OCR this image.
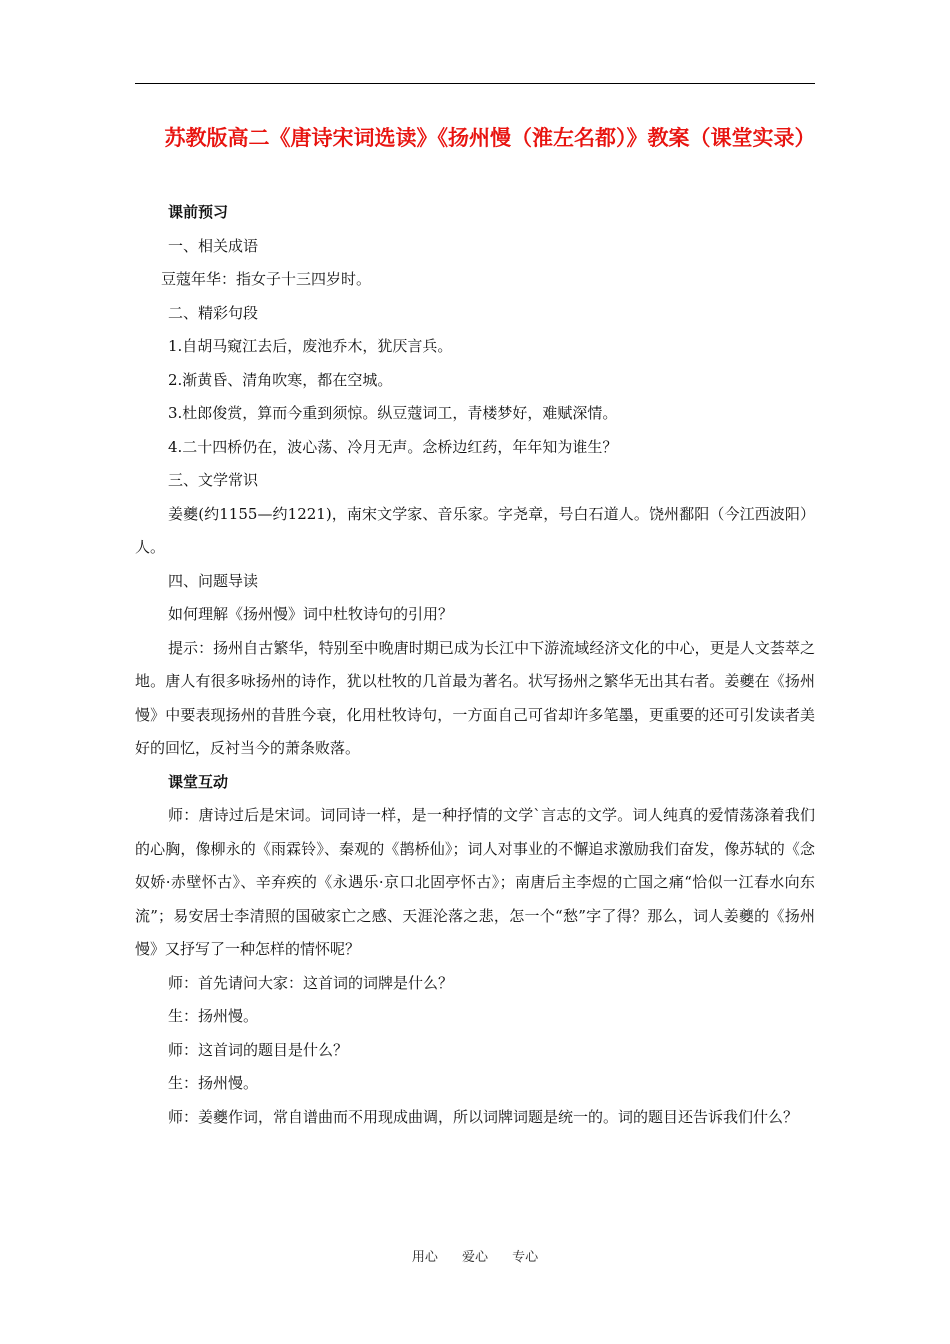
苏教版高二《唐诗宋词选读》《扬州慢（淮左名都）》教案（课堂实录）

课前预习

一、相关成语

豆蔻年华：指女子十三四岁时。

二、精彩句段

1.自胡马窥江去后，废池乔木，犹厌言兵。

2.渐黄昏、清角吹寒，都在空城。

3.杜郎俊赏，算而今重到须惊。纵豆蔻词工，青楼梦好，难赋深情。

4.二十四桥仍在，波心荡、冷月无声。念桥边红药，年年知为谁生？

三、文学常识

姜夔(约1155—约1221)，南宋文学家、音乐家。字尧章，号白石道人。饶州鄱阳（今江西波阳）人。

四、问题导读

如何理解《扬州慢》词中杜牧诗句的引用？

提示：扬州自古繁华，特别至中晚唐时期已成为长江中下游流域经济文化的中心，更是人文荟萃之地。唐人有很多咏扬州的诗作，犹以杜牧的几首最为著名。状写扬州之繁华无出其右者。姜夔在《扬州慢》中要表现扬州的昔胜今衰，化用杜牧诗句，一方面自己可省却许多笔墨，更重要的还可引发读者美好的回忆，反衬当今的萧条败落。

课堂互动

师：唐诗过后是宋词。词同诗一样，是一种抒情的文学`言志的文学。词人纯真的爱情荡涤着我们的心胸，像柳永的《雨霖铃》、秦观的《鹊桥仙》；词人对事业的不懈追求激励我们奋发，像苏轼的《念奴娇·赤壁怀古》、辛弃疾的《永遇乐·京口北固亭怀古》；南唐后主李煜的亡国之痛“恰似一江春水向东流”；易安居士李清照的国破家亡之感、天涯沦落之悲，怎一个“愁”字了得？那么，词人姜夔的《扬州慢》又抒写了一种怎样的情怀呢？

师：首先请问大家：这首词的词牌是什么？

生：扬州慢。

师：这首词的题目是什么？

生：扬州慢。

师：姜夔作词，常自谱曲而不用现成曲调，所以词牌词题是统一的。词的题目还告诉我们什么？

用心 爱心 专心
